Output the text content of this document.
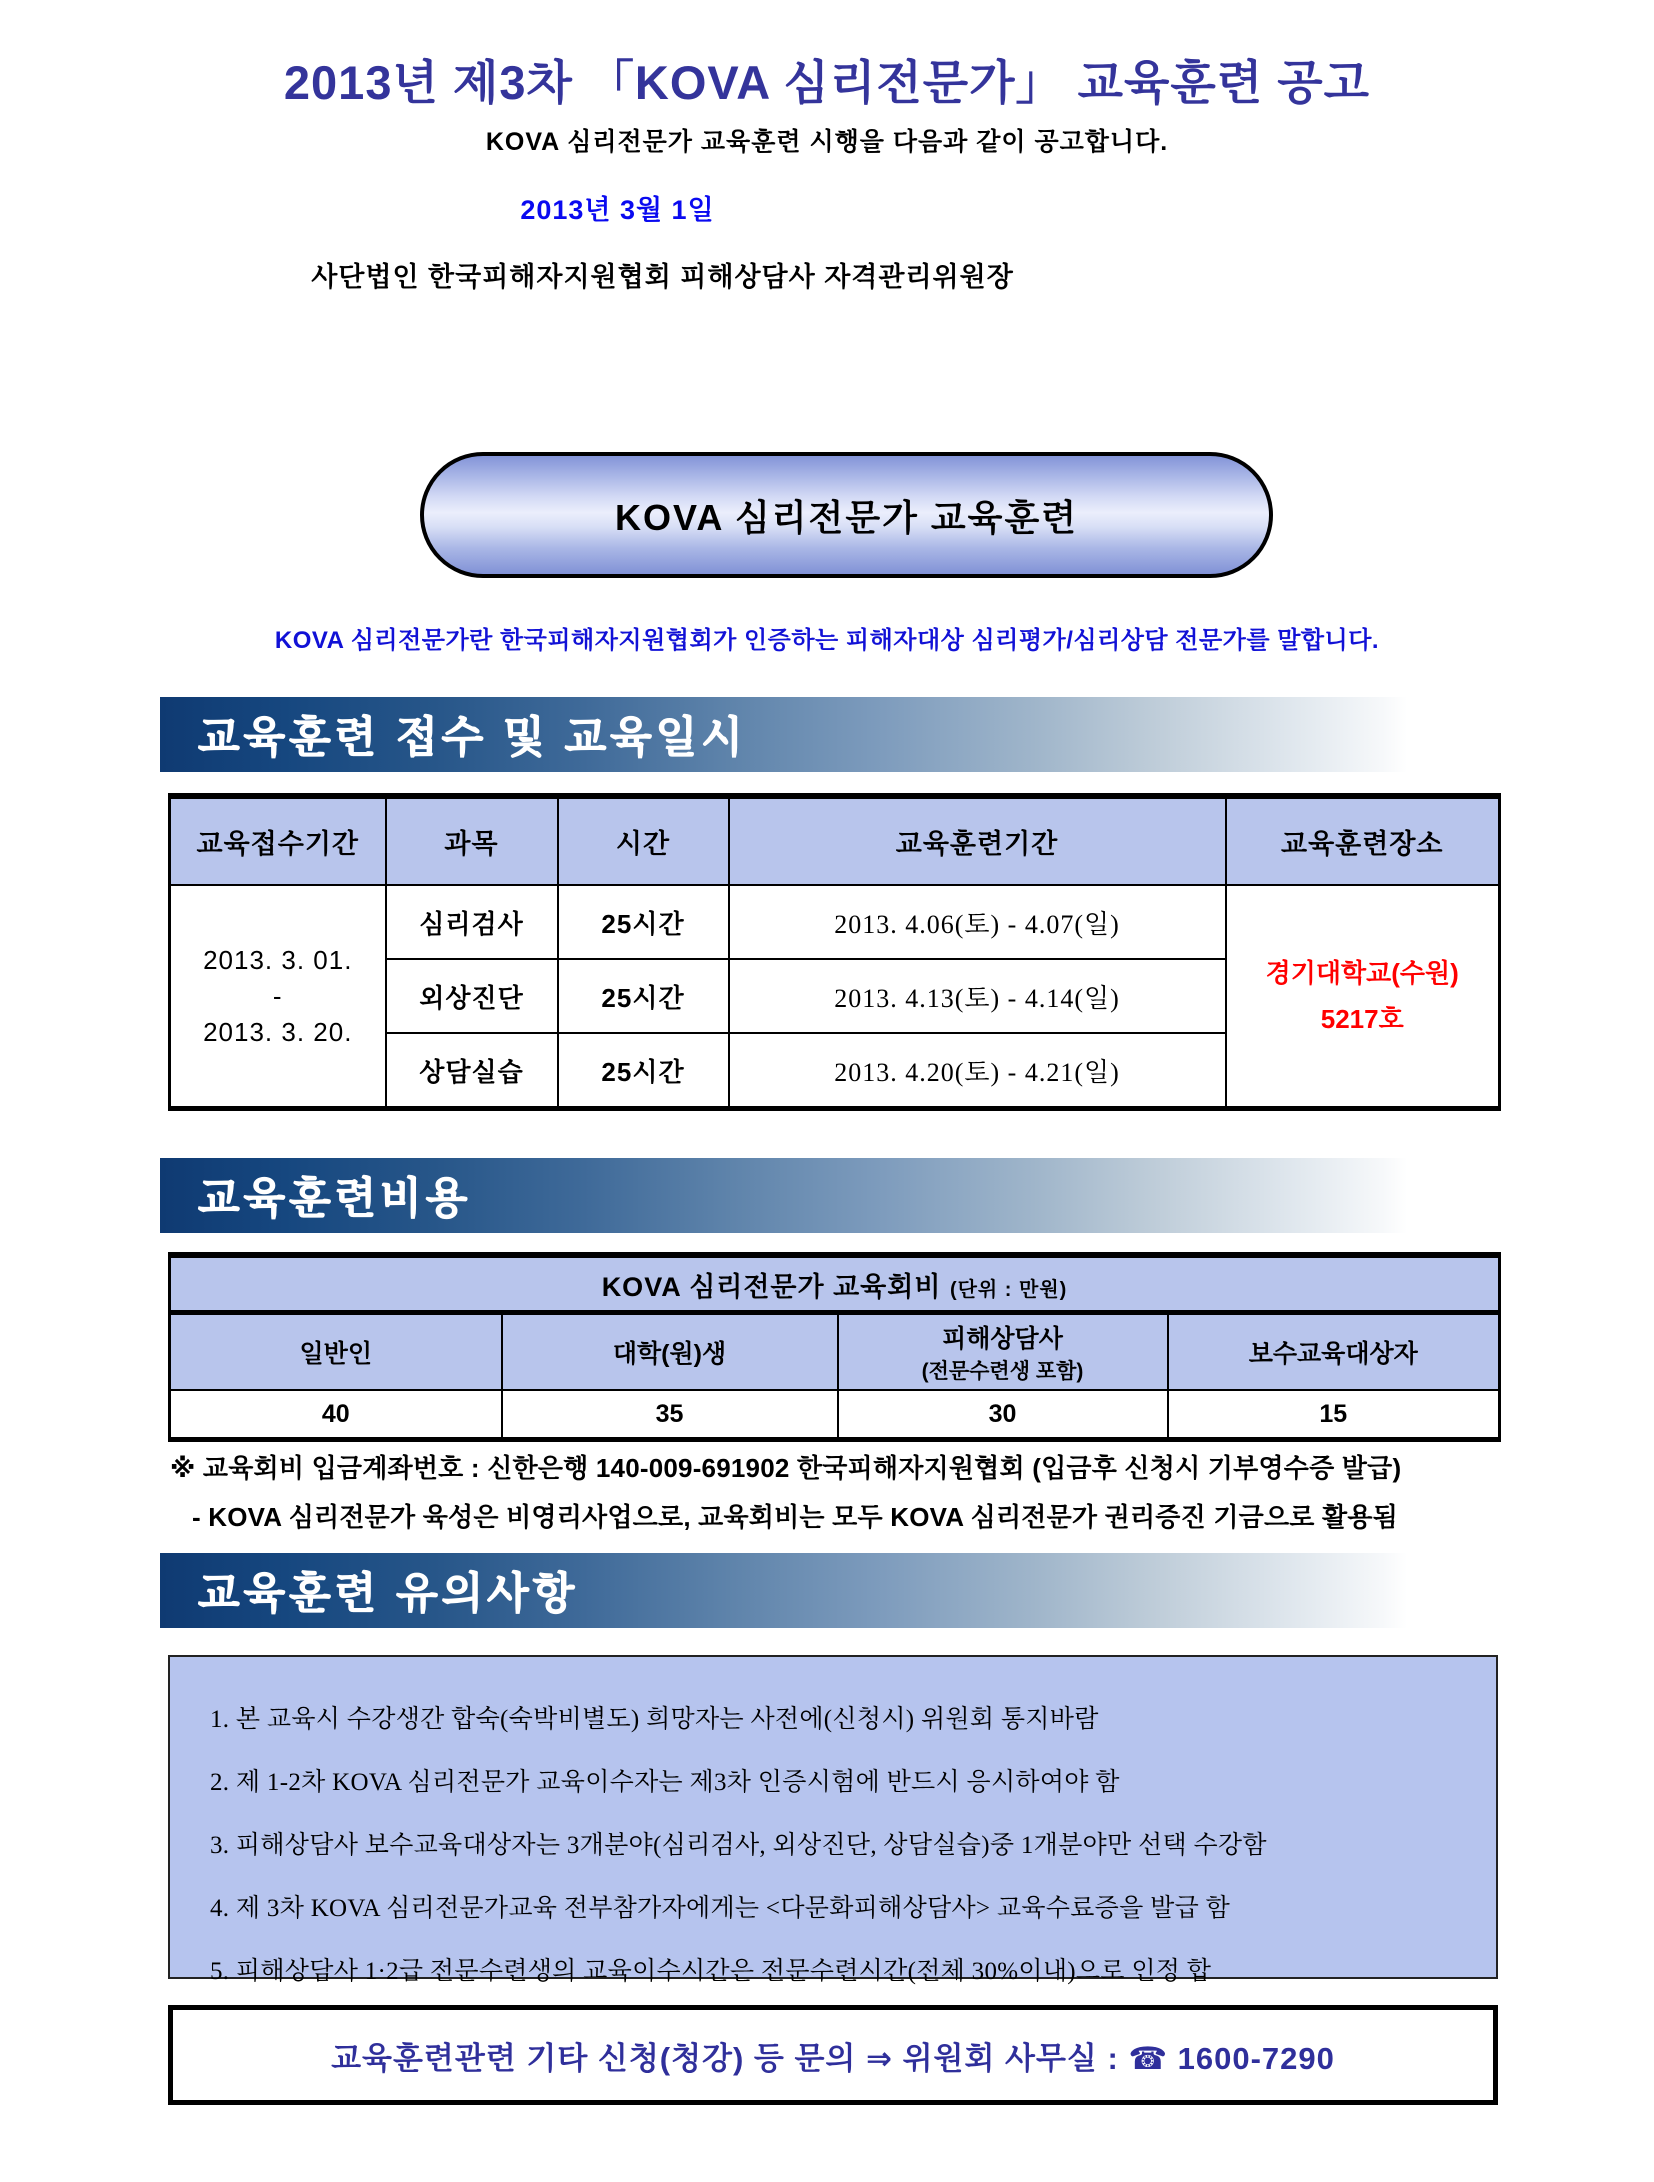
2013년 제3차 「KOVA 심리전문가」 교육훈련 공고
KOVA 심리전문가 교육훈련 시행을 다음과 같이 공고합니다.
2013년 3월 1일
사단법인 한국피해자지원협회 피해상담사 자격관리위원장
KOVA 심리전문가 교육훈련
KOVA 심리전문가란 한국피해자지원협회가 인증하는 피해자대상 심리평가/심리상담 전문가를 말합니다.
교육훈련 접수 및 교육일시
교육접수기간	과목	시간	교육훈련기간	교육훈련장소

2013. 3. 01.
-
2013. 3. 20.
	심리검사	25시간	2013. 4.06(토) - 4.07(일)	
경기대학교(수원)
5217호

	외상진단	25시간	2013. 4.13(토) - 4.14(일)	
	상담실습	25시간	2013. 4.20(토) - 4.21(일)	
교육훈련비용
KOVA 심리전문가 교육회비 (단위 : 만원)			
일반인	대학(원)생	피해상담사
(전문수련생 포함)	보수교육대상자
40	35	30	15
※ 교육회비 입금계좌번호 : 신한은행 140-009-691902 한국피해자지원협회 (입금후 신청시 기부영수증 발급)
- KOVA 심리전문가 육성은 비영리사업으로, 교육회비는 모두 KOVA 심리전문가 권리증진 기금으로 활용됨
교육훈련 유의사항
1. 본 교육시 수강생간 합숙(숙박비별도) 희망자는 사전에(신청시) 위원회 통지바람
2. 제 1-2차 KOVA 심리전문가 교육이수자는 제3차 인증시험에 반드시 응시하여야 함
3. 피해상담사 보수교육대상자는 3개분야(심리검사, 외상진단, 상담실습)중 1개분야만 선택 수강함
4. 제 3차 KOVA 심리전문가교육 전부참가자에게는 <다문화피해상담사> 교육수료증을 발급 함
5. 피해상담사 1·2급 전문수련생의 교육이수시간은 전문수련시간(전체 30%이내)으로 인정 합
교육훈련관련 기타 신청(청강) 등 문의 ⇒ 위원회 사무실 : ☎ 1600-7290
